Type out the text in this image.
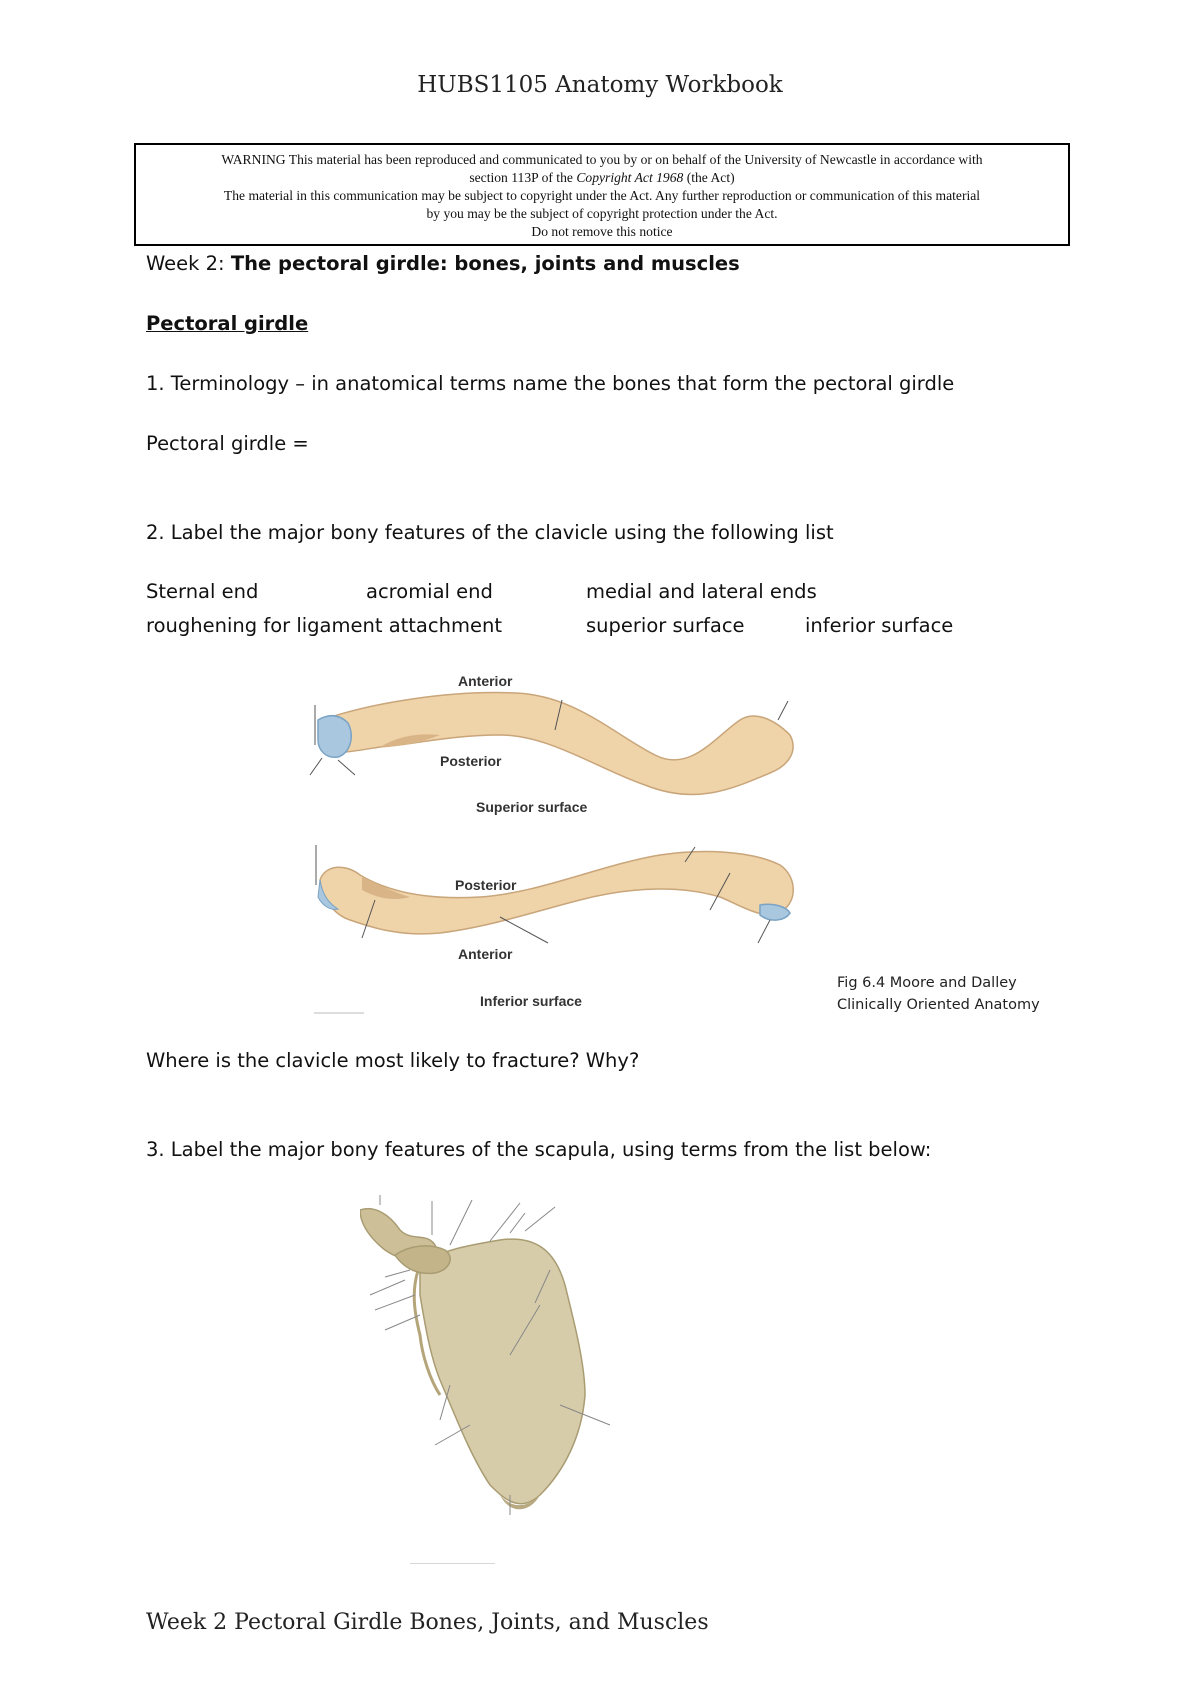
HUBS1105 Anatomy Workbook
WARNING This material has been reproduced and communicated to you by or on behalf of the University of Newcastle in accordance with
section 113P of the Copyright Act 1968 (the Act)
The material in this communication may be subject to copyright under the Act. Any further reproduction or communication of this material
by you may be the subject of copyright protection under the Act.
Do not remove this notice
Week 2: The pectoral girdle: bones, joints and muscles
Pectoral girdle
1. Terminology – in anatomical terms name the bones that form the pectoral girdle
Pectoral girdle =
2. Label the major bony features of the clavicle using the following list
Sternal end	acromial end	medial and lateral ends
roughening for ligament attachment	superior surface	inferior surface
Anterior
Posterior
Superior surface
Posterior
Anterior
Inferior surface
Fig 6.4 Moore and Dalley
Clinically Oriented Anatomy
Where is the clavicle most likely to fracture? Why?
3. Label the major bony features of the scapula, using terms from the list below:
—————————————————
Week 2 Pectoral Girdle Bones, Joints, and Muscles
